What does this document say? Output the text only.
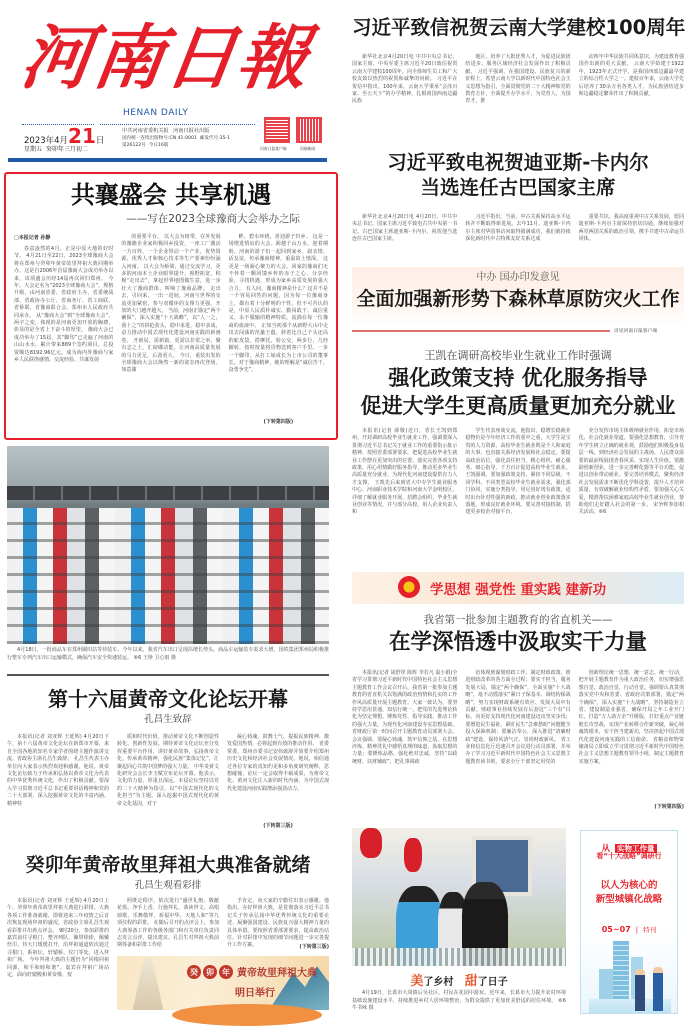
河南日報
HENAN DAILY
2023年4月21日
星期五 癸卯年三月初二
中共河南省委机关报 河南日报社出版
国内统一连续出版物号:CN 41-0001 邮发代号:35-1
第26122号 今日16版
河南日报客户端	顶端新闻
习近平致信祝贺云南大学建校100周年
新华社北京4月20日电 中共中央总书记、国家主席、中央军委主席习近平20日致信祝贺云南大学建校100周年，向全体师生员工和广大校友致以热烈的祝贺和诚挚的问候。 习近平在贺信中指出，100年来，云南大学秉承“会泽百家、至公天下”的办学精神，扎根祖国西南边疆民族
地区，培养了大批优秀人才，为促进民族团结进步、服务区域经济社会发展作出了积极贡献。 习近平强调，在强国建设、民族复兴的新征程上，希望云南大学以新时代中国特色社会主义思想为指引，全面贯彻党的二十大精神和党的教育方针，全面提升办学水平，为党育人、为国育才，推
动铸牢中华民族共同体意识，为建设教育强国作出新的更大贡献。 云南大学始建于1922年，1923年正式开学，是我国西部边疆最早建立的综合性大学之一。建校百年来，云南大学先后培养了30余万名各类人才，为民族团结进步和边疆稳定繁荣作出了积极贡献。
习近平致电祝贺迪亚斯-卡内尔
当选连任古巴国家主席
新华社北京4月20日电 4月20日，中共中央总书记、国家主席习近平致电古共中央第一书记、古巴国家主席迪亚斯-卡内尔，祝贺他当选连任古巴国家主席。
习近平指出，当前，中古关系保持高水平运转并不断取得新进展。去年11月，迪亚斯-卡内尔主席对华国事访问取得圆满成功，我们就持续深化新时代中古特殊友好关系达成
重要共识。我高度重视中古关系发展，愿同迪亚斯-卡内尔主席保持密切沟通，继续加强对两党两国关系的政治引领，携手共建中古命运共同体。
中办 国办印发意见
全面加强新形势下森林草原防灾火工作
详见河南日报客户端
王凯在调研高校毕业生就业工作时强调
强化政策支持 优化服务指导
促进大学生更高质量更加充分就业
本报讯(记者 薛敬)近日，省长王凯到郑州、开封调研高校毕业生就业工作，强调要深入贯彻习近平总书记关于就业工作的重要指示批示精神，按照省委部署要求，把促进高校毕业生就业工作摆在更加突出的位置，落实完善各项支持政策，用心用情做好服务指导，推动更多毕业生高质量充分就业，为现代化河南建设提供有力人才支撑。 王凯先后来到省大中专学生就业服务中心、河南职业技术学院和河南大学金明校区，详细了解就业服务开展、招聘会组织、毕业生就业创业等情况，并与部分高校、用人企业负责人和
学生代表座谈交流。他指出，稳增长稳就业稳物价是今年经济工作的重中之重，大学生是宝贵的人力资源，高校毕业生就业既是个人和家庭的大事，也直接关系经济发展和社会稳定。要提高政治站位，强化责任担当，精心组织、耐心服务、细心指导，千方百计促进高校毕业生就业。 王凯强调，要加强政策支持，紧扣不同层级、不同学科、不同类型高校毕业生就业需求，强化部门协同，实施分类指导，用足用好现有政策，适时出台针对性强的新政，推动就业创业政策落实落地，形成良好就业环境。要完善对接机制，搭建更多校企对接平台，
充分发挥市场主体吸纳就业作用，拓宽市场化、社会化就业渠道。要强化思想教育，引导青年学生树立正确的就业观，鼓励他们积极投身基层一线、到经济社会发展的主战场、人民群众需要的最前线展现青春风采、实现人生价值。要激励创新创业，进一步完善孵化器等平台功能，促进以创业带动就业。要完善培养模式，聚焦经济社会发展需求不断优化学科设置，提升人才培养质量，有效破解就业结构性矛盾。要加强关心关爱，精准帮扶困难家庭高校毕业生就业创业，帮助他们走好踏入社会的第一步。 宋争辉参加相关活动。⑥6
共襄盛会 共享机遇
——写在2023全球豫商大会举办之际
□本报记者 孙静
春意盎然的4月，正是中原大地的好时节。 4月21日至22日，2023全球豫商大会将在郑州与癸卯年黄帝故里拜祖大典同期举办。这是自2006年首届豫商大会成功举办以来，该项盛会历经14届再次回归郑州。 今年，大会定名为“2023全球豫商大会”，规格升级，由河南省委、省政府主办，省委统战部、省政协办公厅、省商务厅、省工商联、省侨联、省豫商联合会、郑州市人民政府共同承办。 从“豫商大会”到“全球豫商大会”，两字之变，体现的是河南更加开放的胸襟，彰显的是全省上下奋斗的厚望。 豫商大会已成功举办了15届，其“脚印”已走遍了河南的山山水水，累计带来889个签约项目，总投资额达8192.96亿元，成为海内外豫商与家乡人民联络感情、交流经验、共谋发展
的重要平台。 以大会为纽带，在外发展的豫籍企业家积极回乡投资，一座工厂激活一方百姓，一个企业带动一个产业，优势资源、优秀人才和核心技术等生产要素纷纷涌入河南。 以大会为桥梁，通过交流学习，更多的河南本土企业眼界提升，视野拓宽，积极“走出去”，拿起世界地图做生意，进一步壮大了豫商群体，叫响了豫商品牌。 走出去，引回来，一出一进间，河南与世界的交流更加紧密，参与双循环的支撑力更强，开放的大门越开越大。 当前，河南正锚定“两个确保”、深入实施“十大战略”，以“人一之，我十之”的拼抢劲头，稳中求进、稳中求成，奋力推动中国式现代化建设河南实践的新画卷。 开新局，需新篇，更需以非常之举，聚有志之士，汇磅礴动能，让河南高质量发展的马力更足，后劲更大。 今日，重装出发的全球豫商大会以焕然一新的姿态再次登场。如意湖
畔，碧水环绕，喜迎游子归乡。 这是一场增进情谊的大会。跨越千山万水，迎着期盼，河南的游子们一起回到家乡，叙亲情、话友谊，传承豫商精神，重温故土情深。 这更是一场凝心聚力的大会。回家的豫商们无不怀着一颗回馈乡梓的赤子之心，分享经验，寻找机遇，形成为家乡高质发展的强大合力。 有人问，豫商精神是什么？这并不是一个容易回答的问题，因为每一位豫商身上，都有着十分鲜明的个性。但不可否认的是，中原人民质朴诚实、勤闯敢干、诚信重义、永不服输的精神特质，流淌在每一位豫商的血液中。 正如当初那个从新野大山中走出去闯荡的范蠡王蕴，辞着比自己个头还高的蛇皮袋，搭摩托、转公交，两步行，几经辗转，按时按量将货物送到客户手里。一步一个脚印，从打工妹成长为上市公司的董事长。对于豫商精神，她的理解是“诚信苦干，奋勇争先”。
(下转第四版)
4月18日，一批商品车在郑州圃田站等待装车。今年以来，我省汽车出口呈现高增长势头，商品车运输装车需求大增，国铁集团郑州局积极推行整车专列汽车出口运输模式，确保汽车安全快速装运。 ⑥6 王铮 卫心雨 摄
第十六届黄帝文化论坛开幕
孔昌生致辞
本报讯(记者 刘亚辉 王延辉) 4月20日下午，第十六届黄帝文化论坛在新郑市开幕，来自全国各地的知名专家学者围绕主题作演讲交流。省政协主席孔昌生致辞。 孔昌生代表主办单位向大家表示热烈欢迎和感谢。他说，黄帝文化论坛致力于传承和弘扬以黄帝文化为代表的中华优秀传统文化，作出了积极贡献。要深入学习贯彻习近平总书记重要讲话精神和党的二十大部署，深入挖掘黄帝文化的丰富内涵、精神特
质和时代价值，推动黄帝文化不断创造性转化、创新性发展。期待黄帝文化论坛充分发挥重要平台作用，讲好黄帝故事，弘扬黄帝文化，传承黄帝精神，强化民族“集体记忆”，汇聚起同心共筑中国梦的强大力量。 中华炎黄文化研究会会长李玉赋宣布论坛开幕。他表示，文化的力量，厚重且深远。本届论坛坚持以党的二十大精神为指引，以“中国式现代化的文化担当”为主题，深入挖掘中国式现代化的黄帝文化基因，对于
凝心铸魂、鼓舞士气、提振民族精神、激发爱国热情，必将起到有效的推动作用。 省委常委、郑州市委书记安伟致辞并简要介绍郑州历史文化和经济社会发展情况。他说，相信通过各位专家的真知灼见和多角度研究阐释，思想碰撞，论坛一定会取得丰硕成果，为黄帝文化、黄河文化注入新的时代内涵，为中国式现代化建设河南实践增添强劲动力。
(下转第三版)
癸卯年黄帝故里拜祖大典准备就绪
孔昌生观看彩排
本报讯(记者 刘亚辉 王延辉) 4月20日上午，癸卯年黄帝故里拜祖大典进行彩排。大典各项工作准备就绪，即将迎来三年疫情之后首次恢复现场拜祖的盛况。省政协主席孔昌生观看彩排并出席点评会。 9时20分，参加彩排的嘉宾前往寻根门，整齐列队，佩带徐徐，佩戴丝巾。待大门缓缓打开，沿拜祖通道依次通过寻根门、系祖坛、轩辕桥、仪门等处，进入拜祖广场。 今年拜祖大典的主题仍为“同根同祖同源，和平和睦和谐”。嘉宾在拜祖广场站定，面向轩辕殿和黄帝像，按
照既定程序，依次进行“盛世礼炮、敬献花篮、净手上香、行施拜礼、恭读拜文、高唱颂歌、乐舞敬拜、祈福中华、天地人和”等九项仪程的彩排。 在随后召开的点评会上，参加大典筹备工作的各级各部门和有关单位负责同志发言点评，提出建议。孔昌生对拜祖大典前期筹备和彩排工作给
予肯定，向大家的辛勤付出表示感谢。他指出，办好拜祖大典，是贯彻落实习近平总书记关于传承弘扬中华优秀传统文化的重要论述、凝聚强国建设、民族复兴强大精神力量的具体举措。要按照省委部署要求，提高政治站位，针对彩排中发现的细节问题进一步完善提升工作方案。	(下转第三版)
癸	卯	年 黄帝故里拜祖大典
明日举行
学思想 强党性 重实践 建新功
我省第一批参加主题教育的省直机关——
在学深悟透中汲取实干力量
本报讯(记者 胡舒彤 陈辉 李若凡 温小娟)全省学习贯彻习近平新时代中国特色社会主义思想主题教育工作会议召开后，我省第一批参加主题教育的省直机关以饱满的政治热情和扎实的工作作风高质量开展主题教育。大家一致认为，要坚持学思用贯通、知信行统一，把党的先进理论转化为坚定理想、锤炼党性、指导实践、推动工作的强大力量，为现代化河南建设夯实思想基础。 省财政厅第一时间召开主题教育动员部署大会。会议强调，要凝心铸魂，筑牢信仰之基，在思想淬炼、精神洗礼中感悟真理的味道，汲取思想的力量；要锤炼品格，强化绝对忠诚，坚持“以政统财、以财辅政”，把孔事调政
治体现到谋划财政工作、制定财政政策、推进财政改革的各方面全过程；要实干担当，服务发展大局，锚定“两个确保”，全面实施“十大战略”，毫不动摇落实“紧日子保基本、调结构保战略”，努力实现财政系统有效应、发展大局中有贡献、财政事业持续发展有后劲这“三个有”目标，向更好支持现代化河南建设迈出坚实步伐；要增进民生福祉，紧盯民生“急难愁盼”问题健全投入保障机制；要廉洁奉公，深入推进“清廉财政”建设，保持风清气正、崇尚财政新风。 省工业和信息化厅迅速召开会议进行动员部署，并举办了学习习近平新时代中国特色社会主义思想主题教育读书班，要求全厅干部坚定用党的
创新理论统一思想、统一意志、统一行动，把开展主题教育作为重大政治任务，切实增强思想自觉、政治自觉、行动自觉。强调要认真贯彻落实党中央和省委、省政府决策部署，锚定“两个确保”，深入实施“十大战略”，坚持制造业立省、建设制造业强省，确保开局之年工业开门红，打造“万人助万企”升级版，打好重点产业链链长攻坚战，实现产业转移合作新突破，凝心铸魂筑根本，实干担当建新功，坚决担起中国式现代化建设河南实践的工信使命。 省粮食和物资储备局立即成立学习贯彻习近平新时代中国特色社会主义思想主题教育领导小组，制定主题教育实施方案。
(下转第四版)
美了乡村 甜了日子
4月19日，长葛市大周镇后吴社区，村民在花园中游玩。近年来，长葛市大力提升农村环境基础设施建设水平，持续推进乡村人居环境整治，为群众提供了更加优美舒适的居住环境。 ⑥6 牛书咏 摄
从 实物工作量
看“十大战略”调研行
以人为核心的
新型城镇化战略
05~07 | 特刊
